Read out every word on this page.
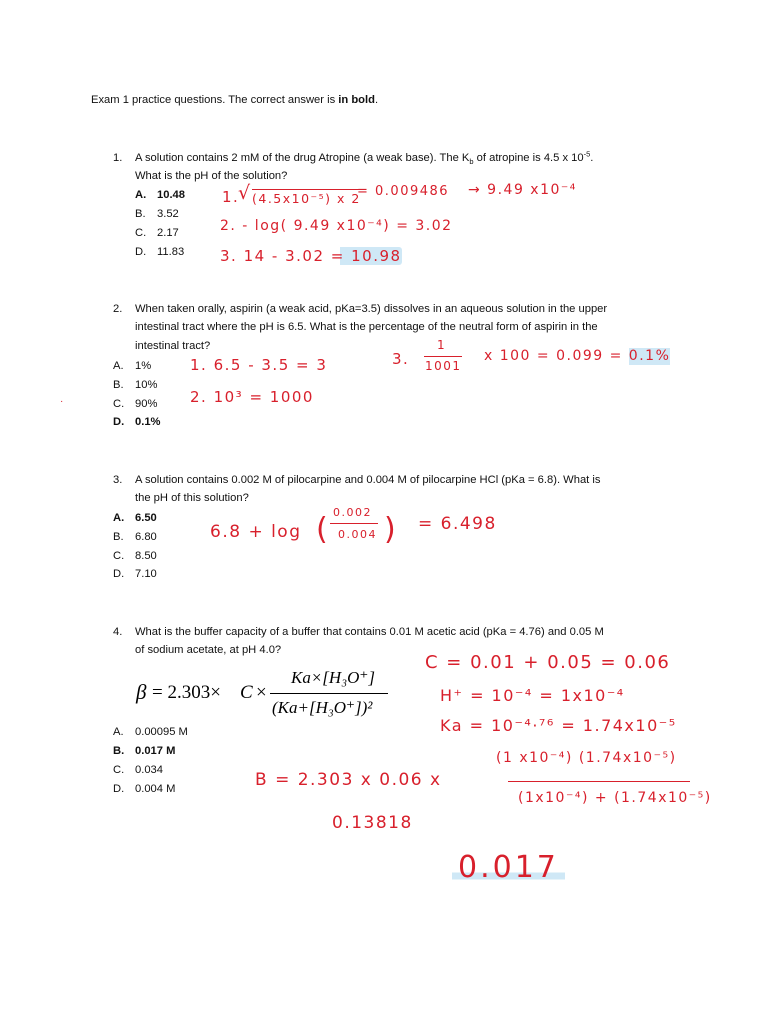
Exam 1 practice questions. The correct answer is in bold.
1. A solution contains 2 mM of the drug Atropine (a weak base). The $K_b$ of atropine is 4.5 x $10^{-5}$.
What is the pH of the solution?
A. 10.48
B. 3.52
C. 2.17
D. 11.83
1.
√ (4.5x10⁻⁵) x 2
= 0.009486 → 9.49 x10⁻⁴
2. - log( 9.49 x10⁻⁴) = 3.02
3. 14 - 3.02 = 10.98
2. When taken orally, aspirin (a weak acid, pKa=3.5) dissolves in an aqueous solution in the upper
intestinal tract where the pH is 6.5. What is the percentage of the neutral form of aspirin in the
intestinal tract?
A. 1%
B. 10%
C. 90%
D. 0.1%
·
1. 6.5 - 3.5 = 3
2. 10³ = 1000
3.
1
1001
x 100 = 0.099 = 0.1%
3. A solution contains 0.002 M of pilocarpine and 0.004 M of pilocarpine HCl (pKa = 6.8). What is
the pH of this solution?
A. 6.50
B. 6.80
C. 8.50
D. 7.10
6.8 + log ( 0.002
0.004 ) = 6.498
4. What is the buffer capacity of a buffer that contains 0.01 M acetic acid (pKa = 4.76) and 0.05 M
of sodium acetate, at pH 4.0?
β = 2.303× C ×
Ka×[H₃O⁺]
(Ka+[H₃O⁺])²
A. 0.00095 M
B. 0.017 M
C. 0.034
D. 0.004 M
C = 0.01 + 0.05 = 0.06
H⁺ = 10⁻⁴ = 1x10⁻⁴
Ka = 10⁻⁴·⁷⁶ = 1.74x10⁻⁵
(1 x10⁻⁴) (1.74x10⁻⁵)
(1x10⁻⁴) + (1.74x10⁻⁵)
B = 2.303 x 0.06 x
0.13818
0.017
